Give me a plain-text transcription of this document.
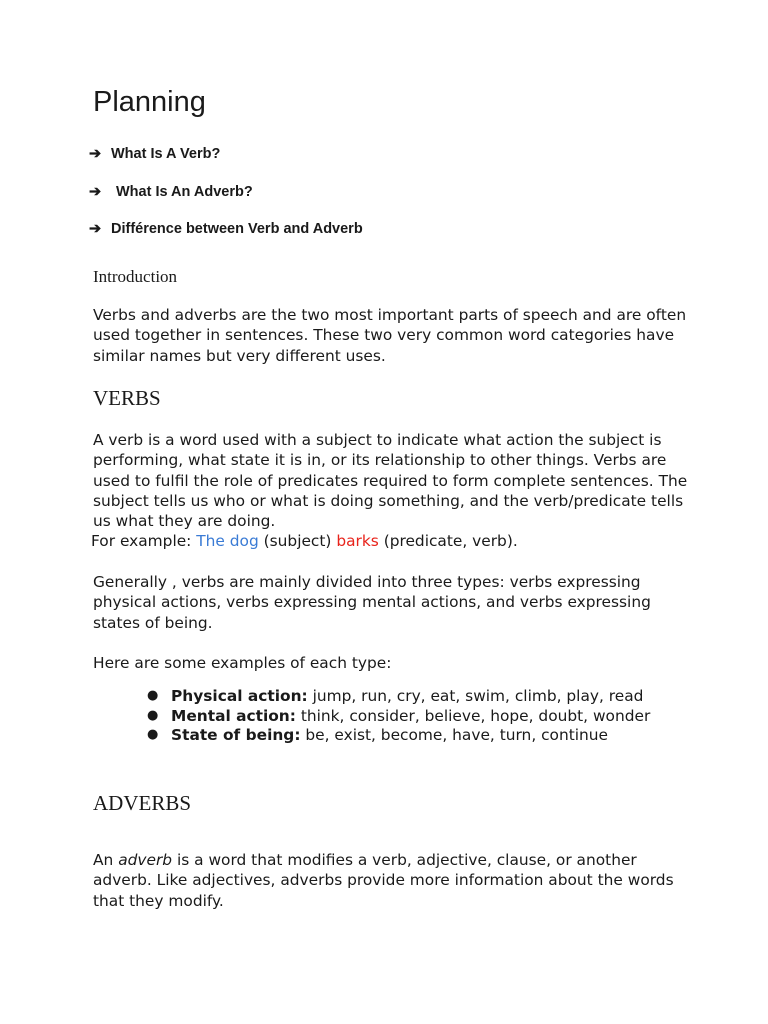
Planning
➔ What Is A Verb?
➔	What Is An Adverb?
➔ Différence between Verb and Adverb
Introduction

Verbs and adverbs are the two most important parts of speech and are often used together in sentences. These two very common word categories have similar names but very different uses.

VERBS

A verb is a word used with a subject to indicate what action the subject is performing, what state it is in, or its relationship to other things. Verbs are used to fulfil the role of predicates required to form complete sentences. The subject tells us who or what is doing something, and the verb/predicate tells us what they are doing.

For example: The dog (subject) barks (predicate, verb).

Generally , verbs are mainly divided into three types: verbs expressing physical actions, verbs expressing mental actions, and verbs expressing states of being.

Here are some examples of each type:

● Physical action: jump, run, cry, eat, swim, climb, play, read
● Mental action: think, consider, believe, hope, doubt, wonder
● State of being: be, exist, become, have, turn, continue
ADVERBS

An adverb is a word that modifies a verb, adjective, clause, or another adverb. Like adjectives, adverbs provide more information about the words that they modify.
